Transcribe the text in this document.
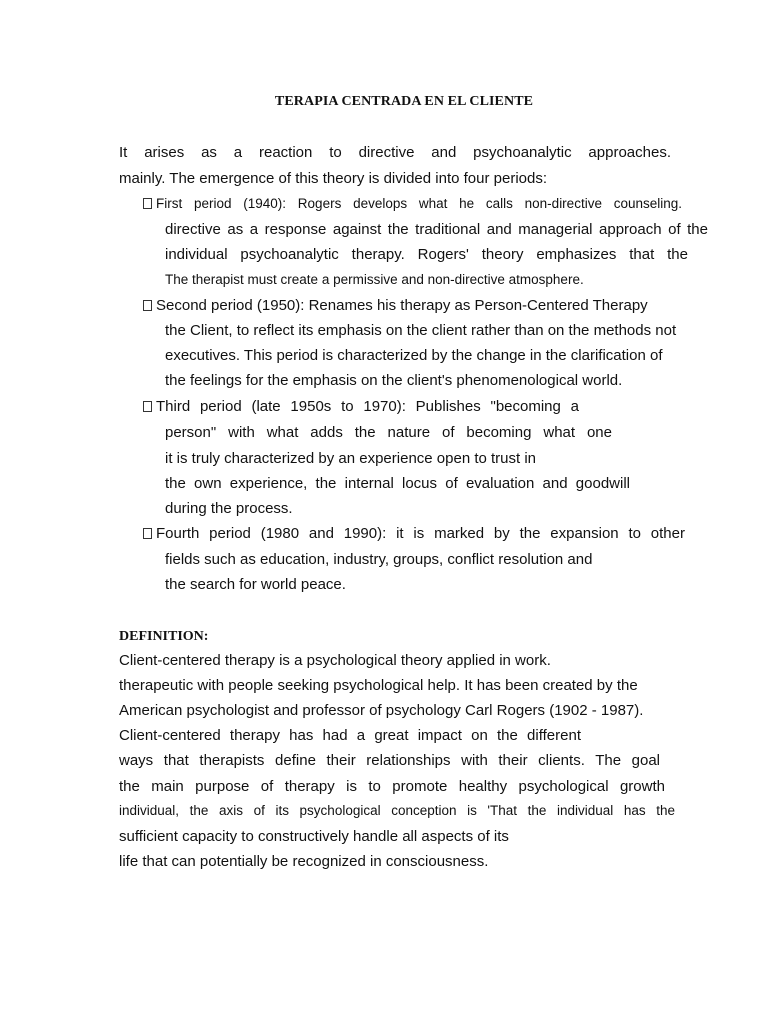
TERAPIA CENTRADA EN EL CLIENTE
It arises as a reaction to directive and psychoanalytic approaches.
mainly. The emergence of this theory is divided into four periods:
First period (1940): Rogers develops what he calls non-directive counseling.
directive as a response against the traditional and managerial approach of the
individual psychoanalytic therapy. Rogers' theory emphasizes that the
The therapist must create a permissive and non-directive atmosphere.
Second period (1950): Renames his therapy as Person-Centered Therapy
the Client, to reflect its emphasis on the client rather than on the methods not
executives. This period is characterized by the change in the clarification of
the feelings for the emphasis on the client's phenomenological world.
Third period (late 1950s to 1970): Publishes "becoming a
person" with what adds the nature of becoming what one
it is truly characterized by an experience open to trust in
the own experience, the internal locus of evaluation and goodwill
during the process.
Fourth period (1980 and 1990): it is marked by the expansion to other
fields such as education, industry, groups, conflict resolution and
the search for world peace.
DEFINITION:
Client-centered therapy is a psychological theory applied in work.
therapeutic with people seeking psychological help. It has been created by the
American psychologist and professor of psychology Carl Rogers (1902 - 1987).
Client-centered therapy has had a great impact on the different
ways that therapists define their relationships with their clients. The goal
the main purpose of therapy is to promote healthy psychological growth
individual, the axis of its psychological conception is 'That the individual has the
sufficient capacity to constructively handle all aspects of its
life that can potentially be recognized in consciousness.
